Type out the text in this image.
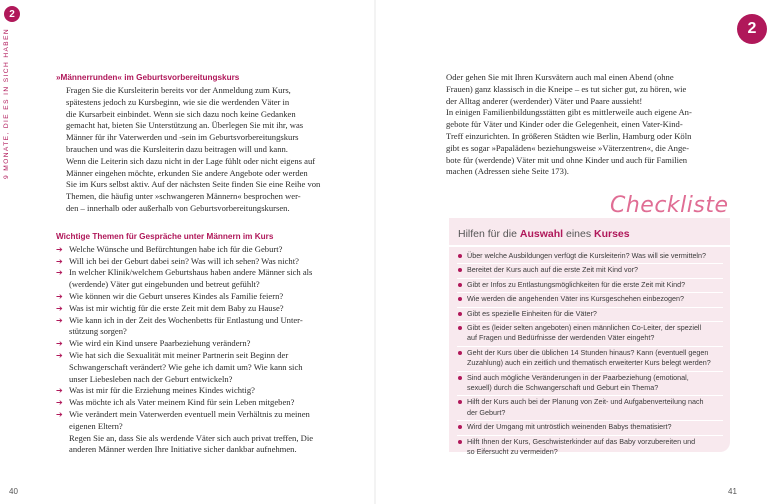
2
9 MONATE, DIE ES IN SICH HABEN	2
»Männerrunden« im Geburtsvorbereitungskurs
Fragen Sie die Kursleiterin bereits vor der Anmeldung zum Kurs,
spätestens jedoch zu Kursbeginn, wie sie die werdenden Väter in
die Kursarbeit einbindet. Wenn sie sich dazu noch keine Gedanken
gemacht hat, bieten Sie Unterstützung an. Überlegen Sie mit ihr, was
Männer für ihr Vaterwerden und -sein im Geburtsvorbereitungskurs
brauchen und was die Kursleiterin dazu beitragen will und kann.
Wenn die Leiterin sich dazu nicht in der Lage fühlt oder nicht eigens auf
Männer eingehen möchte, erkunden Sie andere Angebote oder werden
Sie im Kurs selbst aktiv. Auf der nächsten Seite finden Sie eine Reihe von
Themen, die häufig unter »schwangeren Männern« besprochen wer-
den – innerhalb oder außerhalb von Geburtsvorbereitungskursen.
Wichtige Themen für Gespräche unter Männern im Kurs
➔ Welche Wünsche und Befürchtungen habe ich für die Geburt?
➔ Will ich bei der Geburt dabei sein? Was will ich sehen? Was nicht?
➔ In welcher Klinik/welchem Geburtshaus haben andere Männer sich als
(werdende) Väter gut eingebunden und betreut gefühlt?
➔ Wie können wir die Geburt unseres Kindes als Familie feiern?
➔ Was ist mir wichtig für die erste Zeit mit dem Baby zu Hause?
➔ Wie kann ich in der Zeit des Wochenbetts für Entlastung und Unter-
stützung sorgen?
➔ Wie wird ein Kind unsere Paarbeziehung verändern?
➔ Wie hat sich die Sexualität mit meiner Partnerin seit Beginn der
Schwangerschaft verändert? Wie gehe ich damit um? Wie kann sich
unser Liebesleben nach der Geburt entwickeln?
➔ Was ist mir für die Erziehung meines Kindes wichtig?
➔ Was möchte ich als Vater meinem Kind für sein Leben mitgeben?
➔ Wie verändert mein Vaterwerden eventuell mein Verhältnis zu meinen
eigenen Eltern?

Regen Sie an, dass Sie als werdende Väter sich auch privat treffen, Die
anderen Männer werden Ihre Initiative sicher dankbar aufnehmen.

Oder gehen Sie mit Ihren Kursvätern auch mal einen Abend (ohne
Frauen) ganz klassisch in die Kneipe – es tut sicher gut, zu hören, wie
der Alltag anderer (werdender) Väter und Paare aussieht!

In einigen Familienbildungsstätten gibt es mittlerweile auch eigene An-
gebote für Väter und Kinder oder die Gelegenheit, einen Vater-Kind-
Treff einzurichten. In größeren Städten wie Berlin, Hamburg oder Köln
gibt es sogar »Papaläden« beziehungsweise »Väterzentren«, die Ange-
bote für (werdende) Väter mit und ohne Kinder und auch für Familien
machen (Adressen siehe Seite 173).

Checkliste
Hilfen für die Auswahl eines Kurses
Über welche Ausbildungen verfügt die Kursleiterin? Was will sie vermitteln?
Bereitet der Kurs auch auf die erste Zeit mit Kind vor?
Gibt er Infos zu Entlastungsmöglichkeiten für die erste Zeit mit Kind?
Wie werden die angehenden Väter ins Kursgeschehen einbezogen?
Gibt es spezielle Einheiten für die Väter?
Gibt es (leider selten angeboten) einen männlichen Co-Leiter, der speziell
auf Fragen und Bedürfnisse der werdenden Väter eingeht?
Geht der Kurs über die üblichen 14 Stunden hinaus? Kann (eventuell gegen
Zuzahlung) auch ein zeitlich und thematisch erweiterter Kurs belegt werden?
Sind auch mögliche Veränderungen in der Paarbeziehung (emotional,
sexuell) durch die Schwangerschaft und Geburt ein Thema?
Hilft der Kurs auch bei der Planung von Zeit- und Aufgabenverteilung nach
der Geburt?
Wird der Umgang mit untröstlich weinenden Babys thematisiert?
Hilft Ihnen der Kurs, Geschwisterkinder auf das Baby vorzubereiten und
so Eifersucht zu vermeiden?
40	41
